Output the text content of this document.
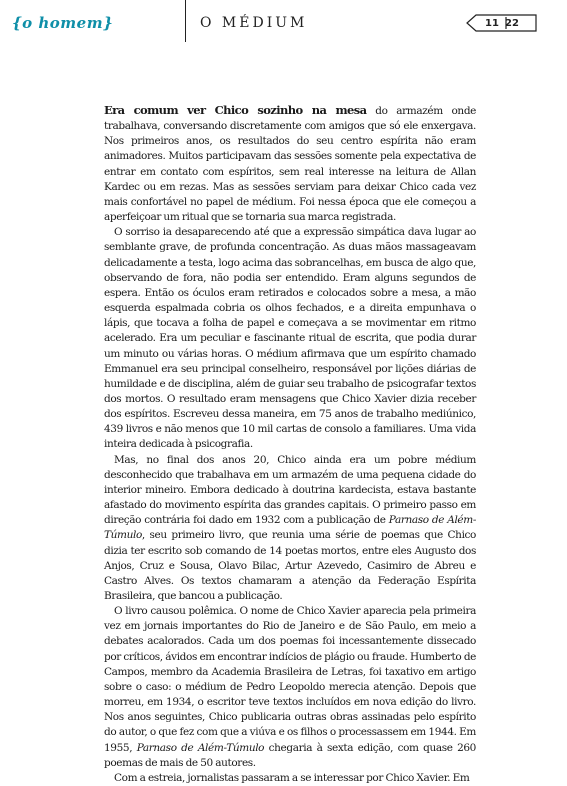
{o homem}	O MÉDIUM	11 22

Era comum ver Chico sozinho na mesa do armazém onde trabalhava, conversando discretamente com amigos que só ele enxergava. Nos primeiros anos, os resultados do seu centro espírita não eram animadores. Muitos participavam das sessões somente pela expectativa de entrar em contato com espíritos, sem real interesse na leitura de Allan Kardec ou em rezas. Mas as sessões serviam para deixar Chico cada vez mais confortável no papel de médium. Foi nessa época que ele começou a aperfeiçoar um ritual que se tornaria sua marca registrada.

O sorriso ia desaparecendo até que a expressão simpática dava lugar ao semblante grave, de profunda concentração. As duas mãos massageavam delicadamente a testa, logo acima das sobrancelhas, em busca de algo que, observando de fora, não podia ser entendido. Eram alguns segundos de espera. Então os óculos eram retirados e colocados sobre a mesa, a mão esquerda espalmada cobria os olhos fechados, e a direita empunhava o lápis, que tocava a folha de papel e começava a se movimentar em ritmo acelerado. Era um peculiar e fascinante ritual de escrita, que podia durar um minuto ou várias horas. O médium afirmava que um espírito chamado Emmanuel era seu principal conselheiro, responsável por lições diárias de humildade e de disciplina, além de guiar seu trabalho de psicografar textos dos mortos. O resultado eram mensagens que Chico Xavier dizia receber dos espíritos. Escreveu dessa maneira, em 75 anos de trabalho mediúnico, 439 livros e não menos que 10 mil cartas de consolo a familiares. Uma vida inteira dedicada à psicografia.

Mas, no final dos anos 20, Chico ainda era um pobre médium desconhecido que trabalhava em um armazém de uma pequena cidade do interior mineiro. Embora dedicado à doutrina kardecista, estava bastante afastado do movimento espírita das grandes capitais. O primeiro passo em direção contrária foi dado em 1932 com a publicação de Parnaso de Além-Túmulo, seu primeiro livro, que reunia uma série de poemas que Chico dizia ter escrito sob comando de 14 poetas mortos, entre eles Augusto dos Anjos, Cruz e Sousa, Olavo Bilac, Artur Azevedo, Casimiro de Abreu e Castro Alves. Os textos chamaram a atenção da Federação Espírita Brasileira, que bancou a publicação.

O livro causou polêmica. O nome de Chico Xavier aparecia pela primeira vez em jornais importantes do Rio de Janeiro e de São Paulo, em meio a debates acalorados. Cada um dos poemas foi incessantemente dissecado por críticos, ávidos em encontrar indícios de plágio ou fraude. Humberto de Campos, membro da Academia Brasileira de Letras, foi taxativo em artigo sobre o caso: o médium de Pedro Leopoldo merecia atenção. Depois que morreu, em 1934, o escritor teve textos incluídos em nova edição do livro. Nos anos seguintes, Chico publicaria outras obras assinadas pelo espírito do autor, o que fez com que a viúva e os filhos o processassem em 1944. Em 1955, Parnaso de Além-Túmulo chegaria à sexta edição, com quase 260 poemas de mais de 50 autores.

Com a estreia, jornalistas passaram a se interessar por Chico Xavier. Em
